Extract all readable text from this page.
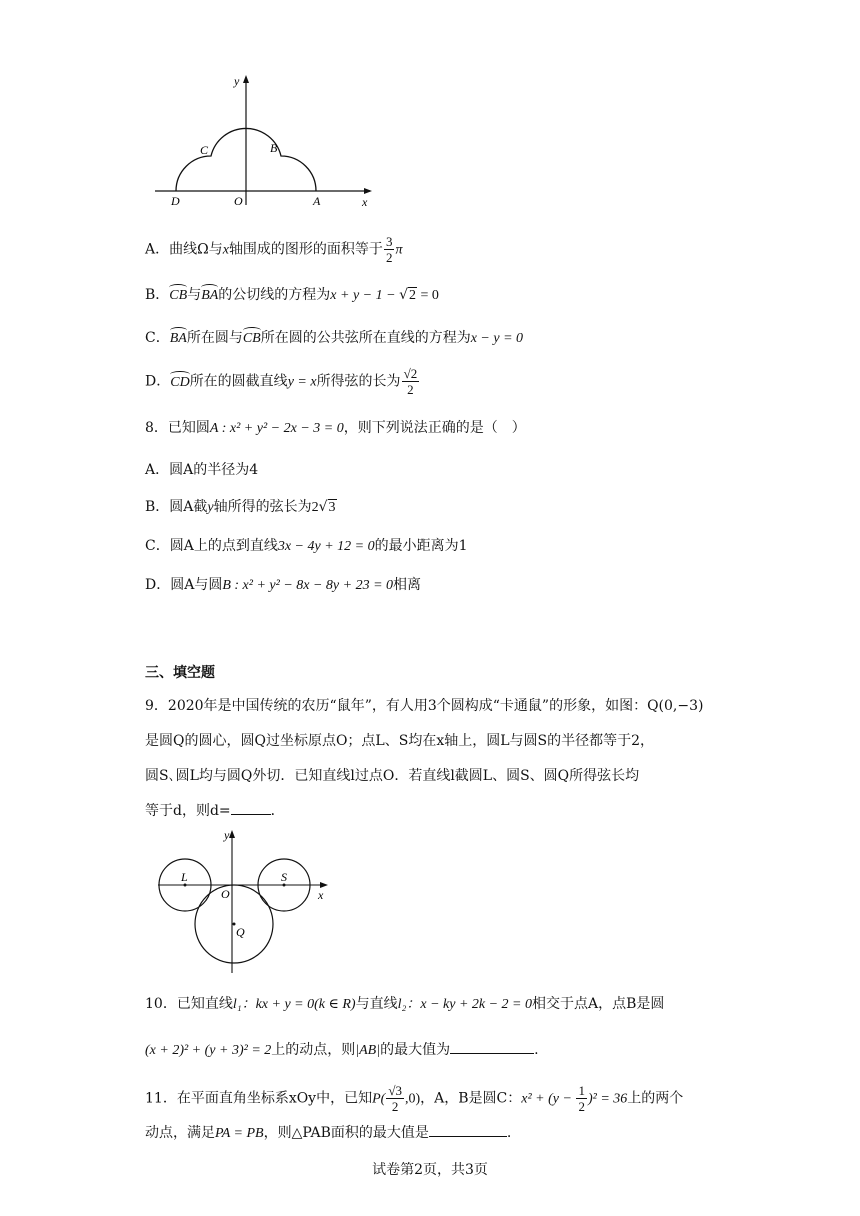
y
x
C	B
D	O	A
A．曲线Ω与x轴围成的图形的面积等于 $\frac{3}{2}$ π
B．CB与BA的公切线的方程为x + y − 1 − √2 = 0
C．BA所在圆与CB所在圆的公共弦所在直线的方程为x − y = 0
D．CD所在的圆截直线y = x所得弦的长为 $\frac{√2}{2}$
8．已知圆A : x² + y² − 2x − 3 = 0，则下列说法正确的是（　）
A．圆A的半径为4
B．圆A截y轴所得的弦长为2√3
C．圆A上的点到直线3x − 4y + 12 = 0的最小距离为1
D．圆A与圆B : x² + y² − 8x − 8y + 23 = 0相离
三、填空题
9．2020年是中国传统的农历“鼠年”，有人用3个圆构成“卡通鼠”的形象，如图：Q(0,−3)
是圆Q的圆心，圆Q过坐标原点O；点L、S均在x轴上，圆L与圆S的半径都等于2，
圆S､圆L均与圆Q外切．已知直线l过点O．若直线l截圆L、圆S、圆Q所得弦长均
等于d，则d=	．
y
x
L	S
O
Q
10．已知直线l₁：kx + y = 0(k ∈ R)与直线l₂：x − ky + 2k − 2 = 0相交于点A，点B是圆
(x + 2)² + (y + 3)² = 2上的动点，则|AB|的最大值为	.
11．在平面直角坐标系xOy中，已知$P( \frac{√3}{2} ,0)$，A，B是圆C：$x^2 + (y - \frac{1}{2} )^2 = 36$上的两个
动点，满足PA = PB，则△PAB面积的最大值是	.
试卷第2页，共3页
